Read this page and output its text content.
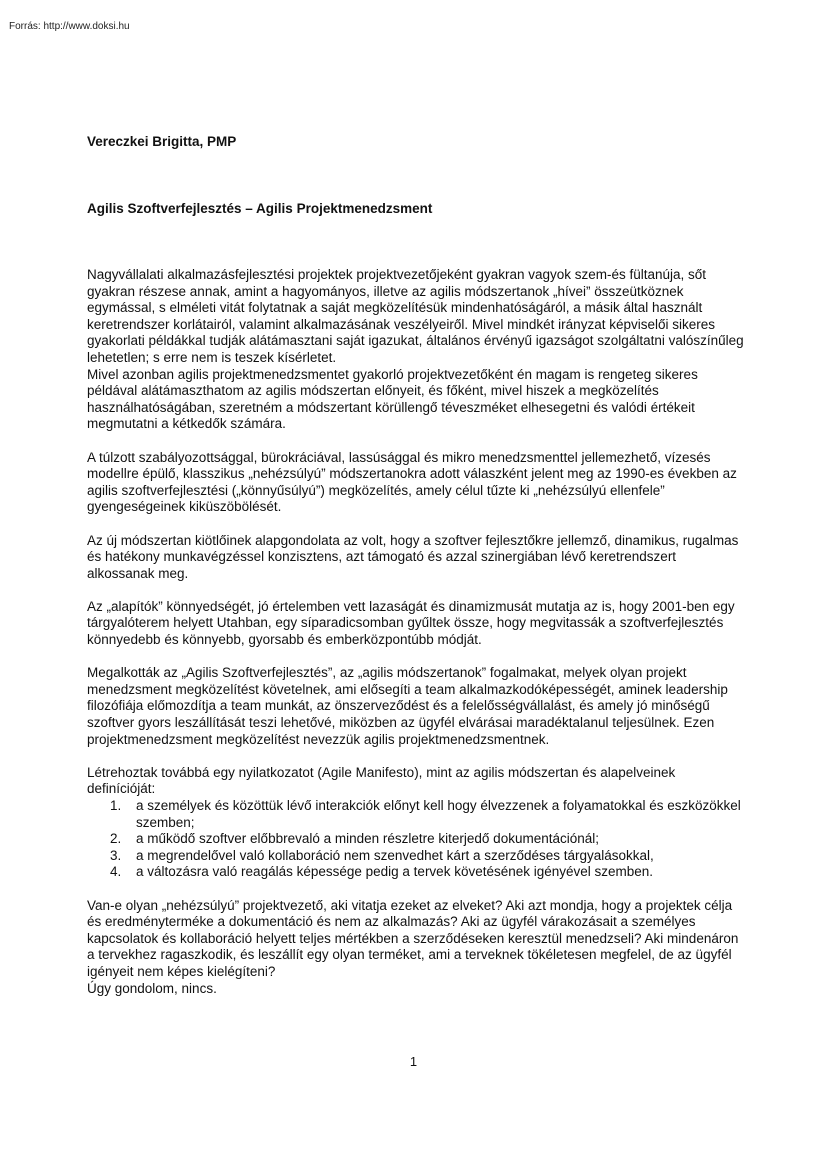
Forrás: http://www.doksi.hu
Vereczkei Brigitta, PMP
Agilis Szoftverfejlesztés – Agilis Projektmenedzsment

Nagyvállalati alkalmazásfejlesztési projektek projektvezetőjeként gyakran vagyok szem-és fültanúja, sőt gyakran részese annak, amint a hagyományos, illetve az agilis módszertanok „hívei” összeütköznek egymással, s elméleti vitát folytatnak a saját megközelítésük mindenhatóságáról, a másik által használt keretrendszer korlátairól, valamint alkalmazásának veszélyeiről. Mivel mindkét irányzat képviselői sikeres gyakorlati példákkal tudják alátámasztani saját igazukat, általános érvényű igazságot szolgáltatni valószínűleg lehetetlen; s erre nem is teszek kísérletet.

Mivel azonban agilis projektmenedzsmentet gyakorló projektvezetőként én magam is rengeteg sikeres példával alátámaszthatom az agilis módszertan előnyeit, és főként, mivel hiszek a megközelítés használhatóságában, szeretném a módszertant körüllengő téveszméket elhesegetni és valódi értékeit megmutatni a kétkedők számára.

A túlzott szabályozottsággal, bürokráciával, lassúsággal és mikro menedzsmenttel jellemezhető, vízesés modellre épülő, klasszikus „nehézsúlyú” módszertanokra adott válaszként jelent meg az 1990-es években az agilis szoftverfejlesztési („könnyűsúlyú”) megközelítés, amely célul tűzte ki „nehézsúlyú ellenfele” gyengeségeinek kiküszöbölését.

Az új módszertan kiötlőinek alapgondolata az volt, hogy a szoftver fejlesztőkre jellemző, dinamikus, rugalmas és hatékony munkavégzéssel konzisztens, azt támogató és azzal szinergiában lévő keretrendszert alkossanak meg.

Az „alapítók” könnyedségét, jó értelemben vett lazaságát és dinamizmusát mutatja az is, hogy 2001-ben egy tárgyalóterem helyett Utahban, egy síparadicsomban gyűltek össze, hogy megvitassák a szoftverfejlesztés könnyedebb és könnyebb, gyorsabb és emberközpontúbb módját.

Megalkották az „Agilis Szoftverfejlesztés”, az „agilis módszertanok” fogalmakat, melyek olyan projekt menedzsment megközelítést követelnek, ami elősegíti a team alkalmazkodóképességét, aminek leadership filozófiája előmozdítja a team munkát, az önszerveződést és a felelősségvállalást, és amely jó minőségű szoftver gyors leszállítását teszi lehetővé, miközben az ügyfél elvárásai maradéktalanul teljesülnek. Ezen projektmenedzsment megközelítést nevezzük agilis projektmenedzsmentnek.

Létrehoztak továbbá egy nyilatkozatot (Agile Manifesto), mint az agilis módszertan és alapelveinek definícióját:

1. a személyek és közöttük lévő interakciók előnyt kell hogy élvezzenek a folyamatokkal és eszközökkel szemben;
2. a működő szoftver előbbrevaló a minden részletre kiterjedő dokumentációnál;
3. a megrendelővel való kollaboráció nem szenvedhet kárt a szerződéses tárgyalásokkal,
4. a változásra való reagálás képessége pedig a tervek követésének igényével szemben.

Van-e olyan „nehézsúlyú” projektvezető, aki vitatja ezeket az elveket? Aki azt mondja, hogy a projektek célja és eredményterméke a dokumentáció és nem az alkalmazás? Aki az ügyfél várakozásait a személyes kapcsolatok és kollaboráció helyett teljes mértékben a szerződéseken keresztül menedzseli? Aki mindenáron a tervekhez ragaszkodik, és leszállít egy olyan terméket, ami a terveknek tökéletesen megfelel, de az ügyfél igényeit nem képes kielégíteni?

Úgy gondolom, nincs.

1
